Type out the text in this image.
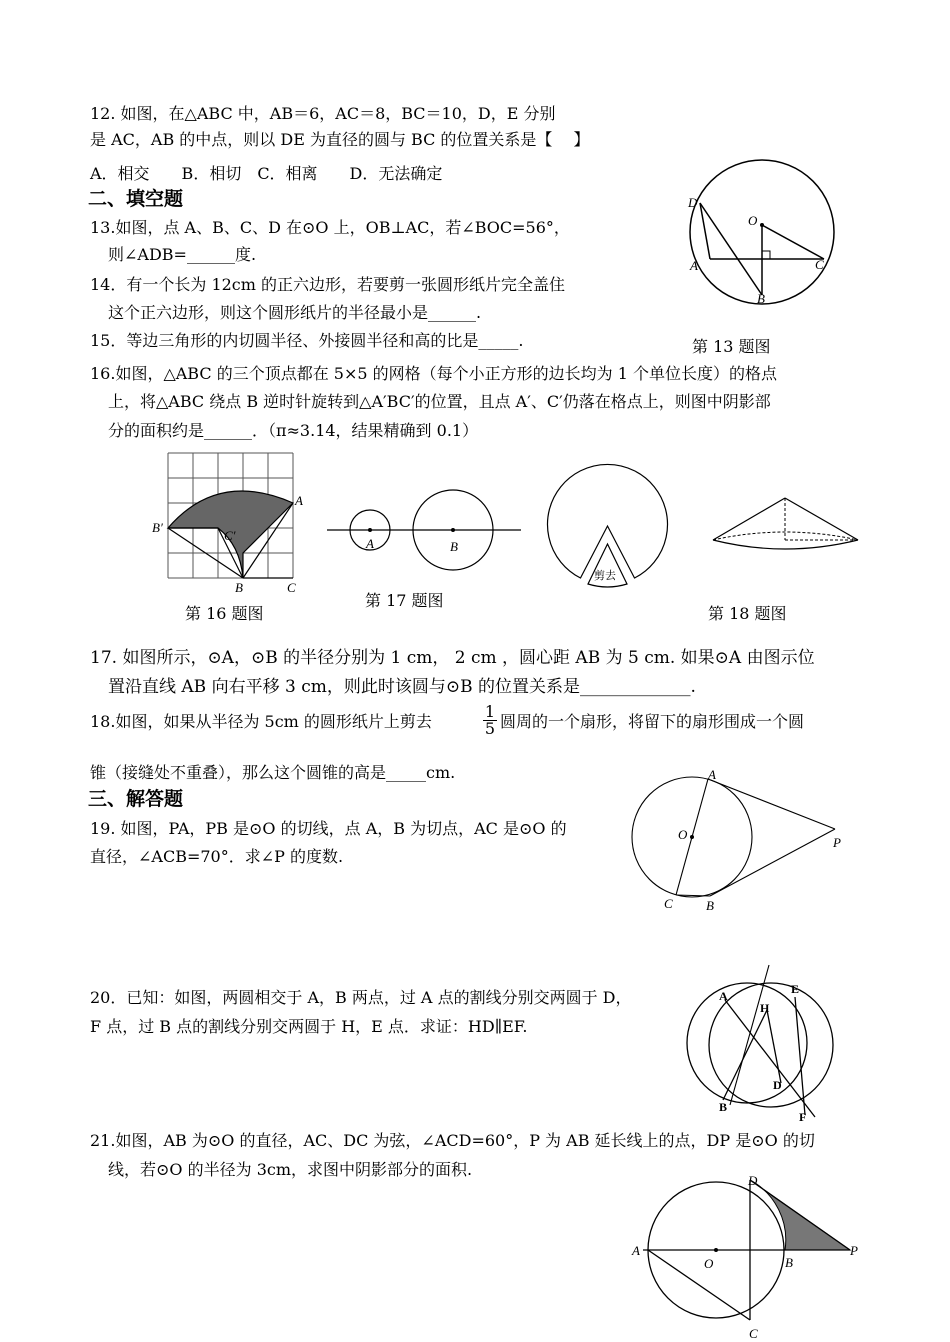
12. 如图，在△ABC 中，AB＝6，AC＝8，BC＝10，D，E 分别
是 AC，AB 的中点，则以 DE 为直径的圆与 BC 的位置关系是【　 】
A．相交　　B．相切　C．相离　　D．无法确定
二、填空题
13.如图，点 A、B、C、D 在⊙O 上，OB⊥AC，若∠BOC=56°，
则∠ADB=______度.
14．有一个长为 12cm 的正六边形，若要剪一张圆形纸片完全盖住
这个正六边形，则这个圆形纸片的半径最小是______.
15．等边三角形的内切圆半径、外接圆半径和高的比是_____.
D
O
A	C
B
第 13 题图
16.如图，△ABC 的三个顶点都在 5×5 的网格（每个小正方形的边长均为 1 个单位长度）的格点
上，将△ABC 绕点 B 逆时针旋转到△A′BC′的位置，且点 A′、C′仍落在格点上，则图中阴影部
分的面积约是______．（π≈3.14，结果精确到 0.1）
A
B′
C′
B	C
A	B
剪去
第 16 题图
第 17 题图
第 18 题图
17. 如图所示，⊙A，⊙B 的半径分别为 1 cm， 2 cm ，圆心距 AB 为 5 cm. 如果⊙A 由图示位
置沿直线 AB 向右平移 3 cm，则此时该圆与⊙B 的位置关系是_____________.
18.如图，如果从半径为 5cm 的圆形纸片上剪去	$\frac{1}{5}$ 圆周的一个扇形，将留下的扇形围成一个圆
锥（接缝处不重叠），那么这个圆锥的高是_____cm.
三、解答题
19. 如图，PA，PB 是⊙O 的切线，点 A，B 为切点，AC 是⊙O 的
直径，∠ACB=70°．求∠P 的度数.
A
O
P
C	B
20．已知：如图，两圆相交于 A，B 两点，过 A 点的割线分别交两圆于 D，
F 点，过 B 点的割线分别交两圆于 H，E 点．求证：HD∥EF.
A
H
E
D
B
F
21.如图，AB 为⊙O 的直径，AC、DC 为弦，∠ACD=60°，P 为 AB 延长线上的点，DP 是⊙O 的切
线，若⊙O 的半径为 3cm，求图中阴影部分的面积.
D
A
O	B
P
C
